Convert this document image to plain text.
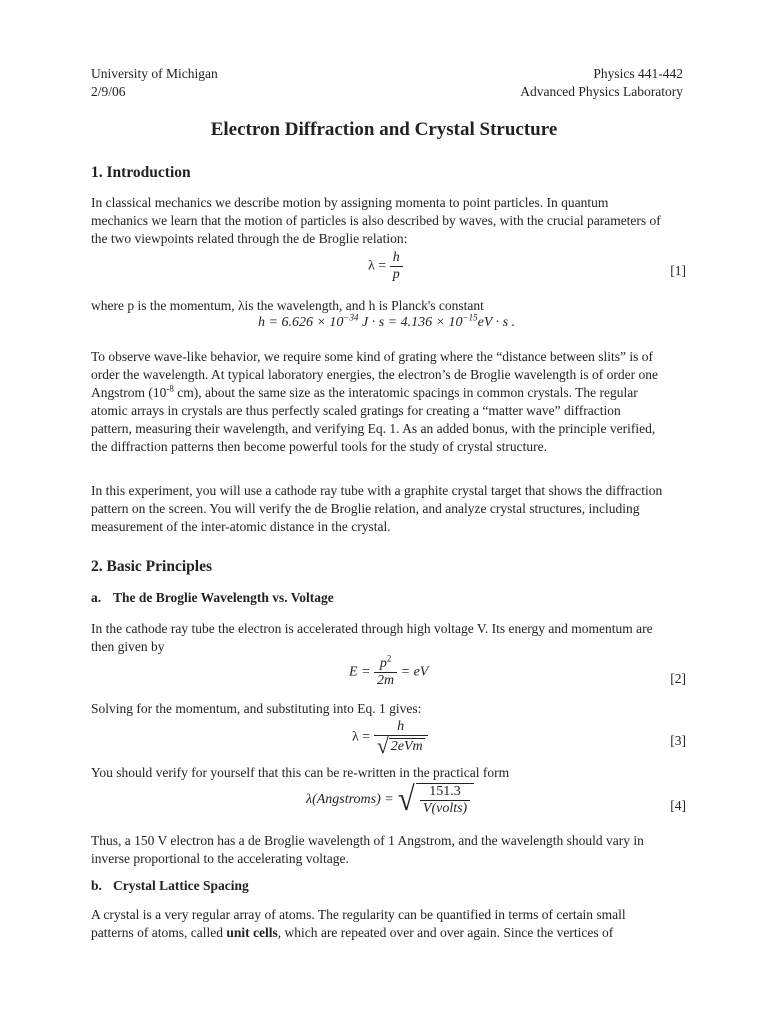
University of Michigan
2/9/06
Physics 441-442
Advanced Physics Laboratory
Electron Diffraction and Crystal Structure
1. Introduction

In classical mechanics we describe motion by assigning momenta to point particles. In quantum mechanics we learn that the motion of particles is also described by waves, with the crucial parameters of the two viewpoints related through the de Broglie relation:

$\lambda = \frac{h}{p}$	[1]

where p is the momentum, λis the wavelength, and h is Planck's constant

$h = 6.626 \times 10^{-34}$ $J \cdot s = 4.136 \times 10^{-15}eV \cdot s$ .

To observe wave-like behavior, we require some kind of grating where the “distance between slits” is of order the wavelength. At typical laboratory energies, the electron’s de Broglie wavelength is of order one Angstrom ($10^{-8}$ cm), about the same size as the interatomic spacings in common crystals. The regular atomic arrays in crystals are thus perfectly scaled gratings for creating a “matter wave” diffraction pattern, measuring their wavelength, and verifying Eq. 1. As an added bonus, with the principle verified, the diffraction patterns then become powerful tools for the study of crystal structure.

In this experiment, you will use a cathode ray tube with a graphite crystal target that shows the diffraction pattern on the screen. You will verify the de Broglie relation, and analyze crystal structures, including measurement of the inter-atomic distance in the crystal.

2. Basic Principles
a. The de Broglie Wavelength vs. Voltage

In the cathode ray tube the electron is accelerated through high voltage V. Its energy and momentum are then given by

$E = \frac{p^2}{2m}$ = eV	[2]

Solving for the momentum, and substituting into Eq. 1 gives:

$\lambda = \frac{h}{\text{√ 2eVm}}$	[3]

You should verify for yourself that this can be re-written in the practical form

λ(Angstroms) = √ $\frac{151.3}{\text{V(volts)}}$	[4]

Thus, a 150 V electron has a de Broglie wavelength of 1 Angstrom, and the wavelength should vary in inverse proportional to the accelerating voltage.

b. Crystal Lattice Spacing

A crystal is a very regular array of atoms. The regularity can be quantified in terms of certain small patterns of atoms, called unit cells, which are repeated over and over again. Since the vertices of
